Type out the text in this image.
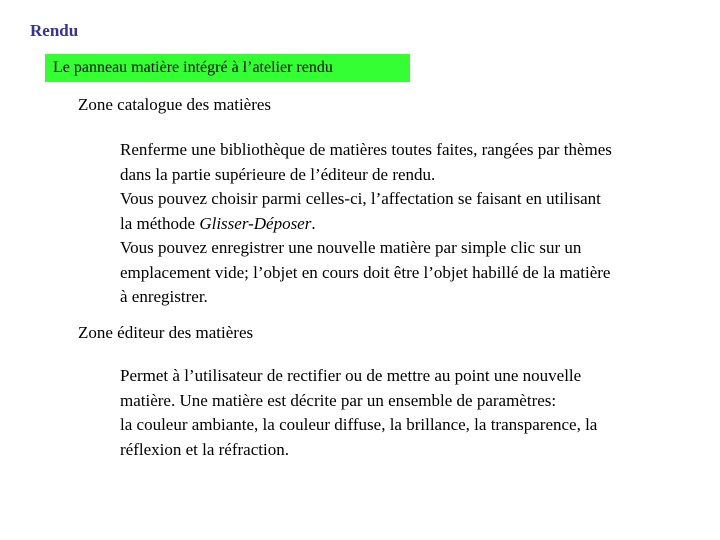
Rendu
Le panneau matière intégré à l’atelier rendu
Zone catalogue des matières
Renferme une bibliothèque de matières toutes faites, rangées par thèmes
dans la partie supérieure de l’éditeur de rendu.
Vous pouvez choisir parmi celles-ci, l’affectation se faisant en utilisant
la méthode Glisser-Déposer.
Vous pouvez enregistrer une nouvelle matière par simple clic sur un
emplacement vide; l’objet en cours doit être l’objet habillé de la matière
à enregistrer.
Zone éditeur des matières
Permet à l’utilisateur de rectifier ou de mettre au point une nouvelle
matière. Une matière est décrite par un ensemble de paramètres:
la couleur ambiante, la couleur diffuse, la brillance, la transparence, la
réflexion et la réfraction.
